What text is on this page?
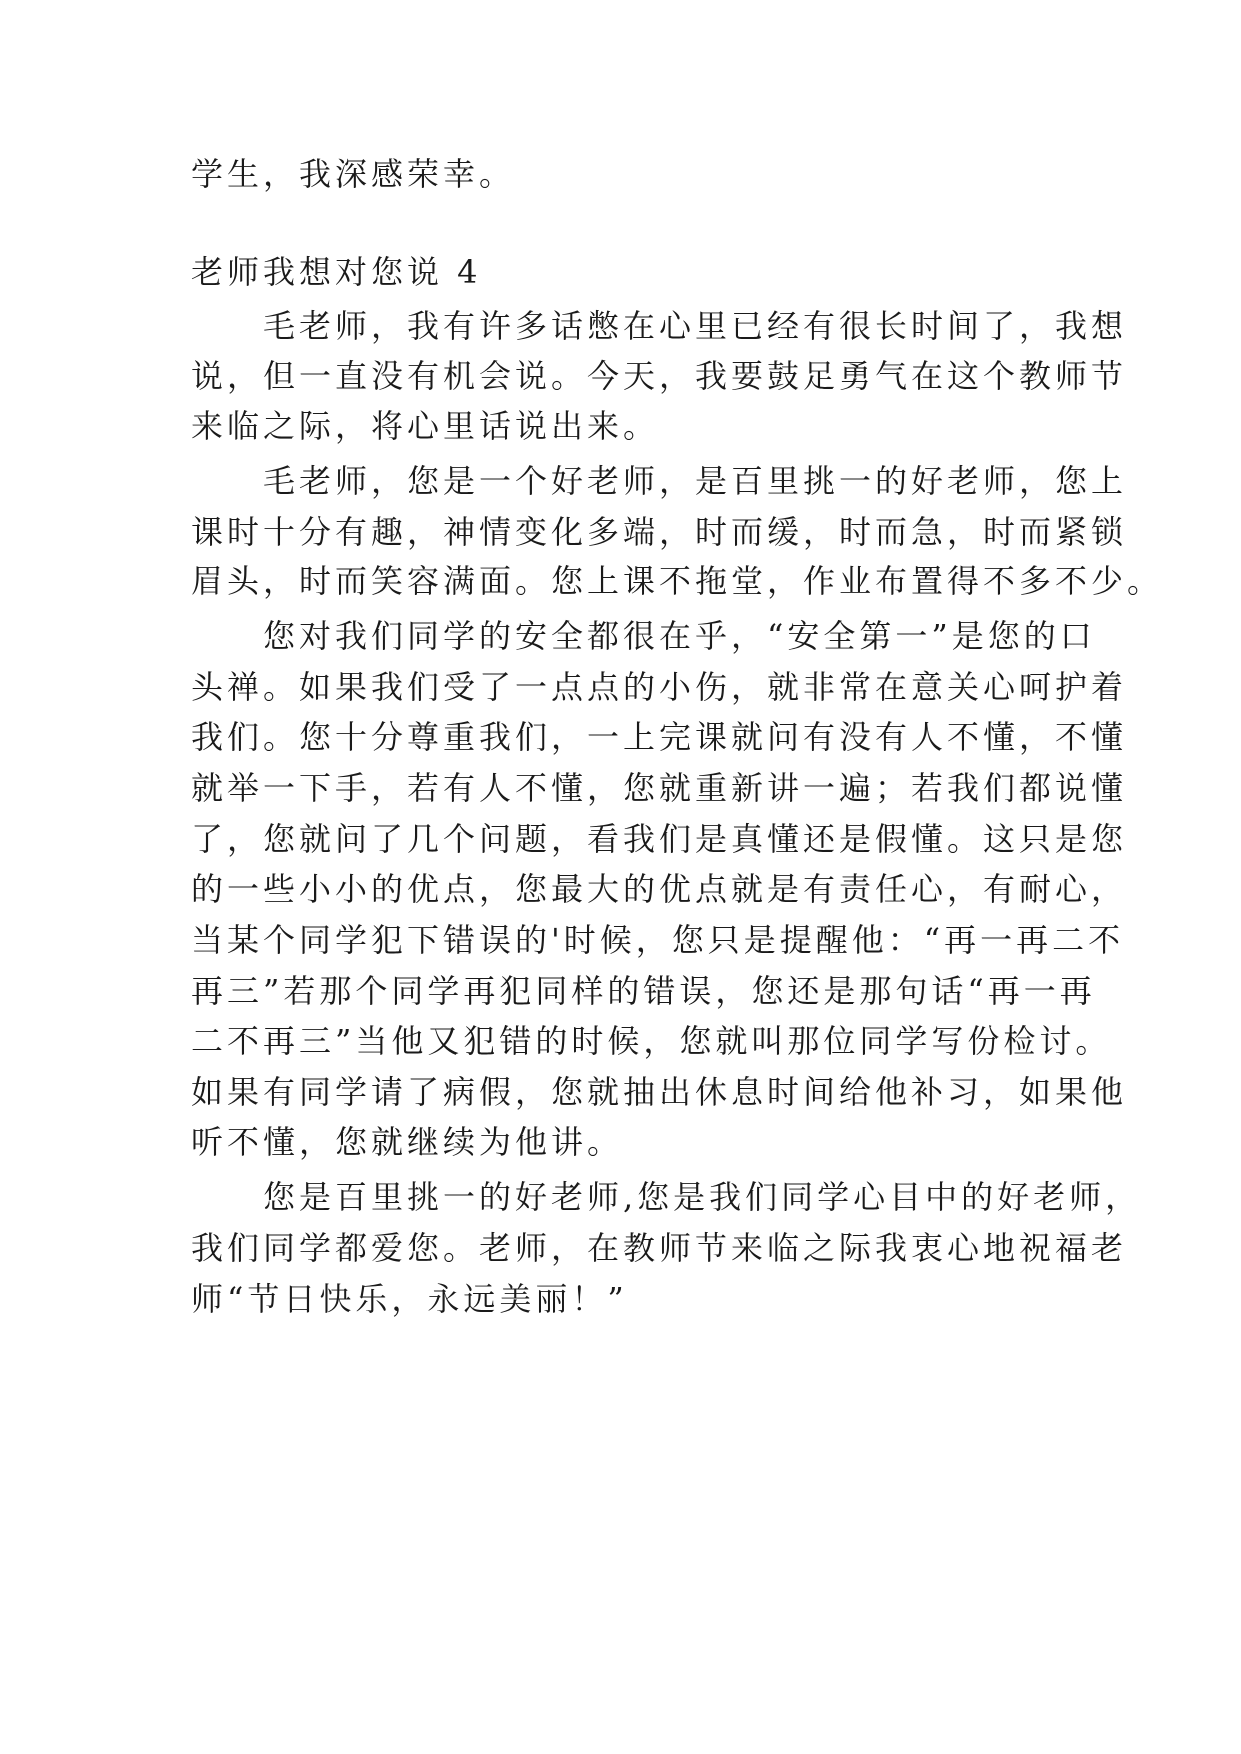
学生，我深感荣幸。
老师我想对您说 4
　　毛老师，我有许多话憋在心里已经有很长时间了，我想
说，但一直没有机会说。今天，我要鼓足勇气在这个教师节
来临之际，将心里话说出来。
　　毛老师，您是一个好老师，是百里挑一的好老师，您上
课时十分有趣，神情变化多端，时而缓，时而急，时而紧锁
眉头，时而笑容满面。您上课不拖堂，作业布置得不多不少。
　　您对我们同学的安全都很在乎，“安全第一”是您的口
头禅。如果我们受了一点点的小伤，就非常在意关心呵护着
我们。您十分尊重我们，一上完课就问有没有人不懂，不懂
就举一下手，若有人不懂，您就重新讲一遍；若我们都说懂
了，您就问了几个问题，看我们是真懂还是假懂。这只是您
的一些小小的优点，您最大的优点就是有责任心，有耐心，
当某个同学犯下错误的'时候，您只是提醒他：“再一再二不
再三”若那个同学再犯同样的错误，您还是那句话“再一再
二不再三”当他又犯错的时候，您就叫那位同学写份检讨。
如果有同学请了病假，您就抽出休息时间给他补习，如果他
听不懂，您就继续为他讲。
　　您是百里挑一的好老师,您是我们同学心目中的好老师，
我们同学都爱您。老师，在教师节来临之际我衷心地祝福老
师“节日快乐，永远美丽！”
